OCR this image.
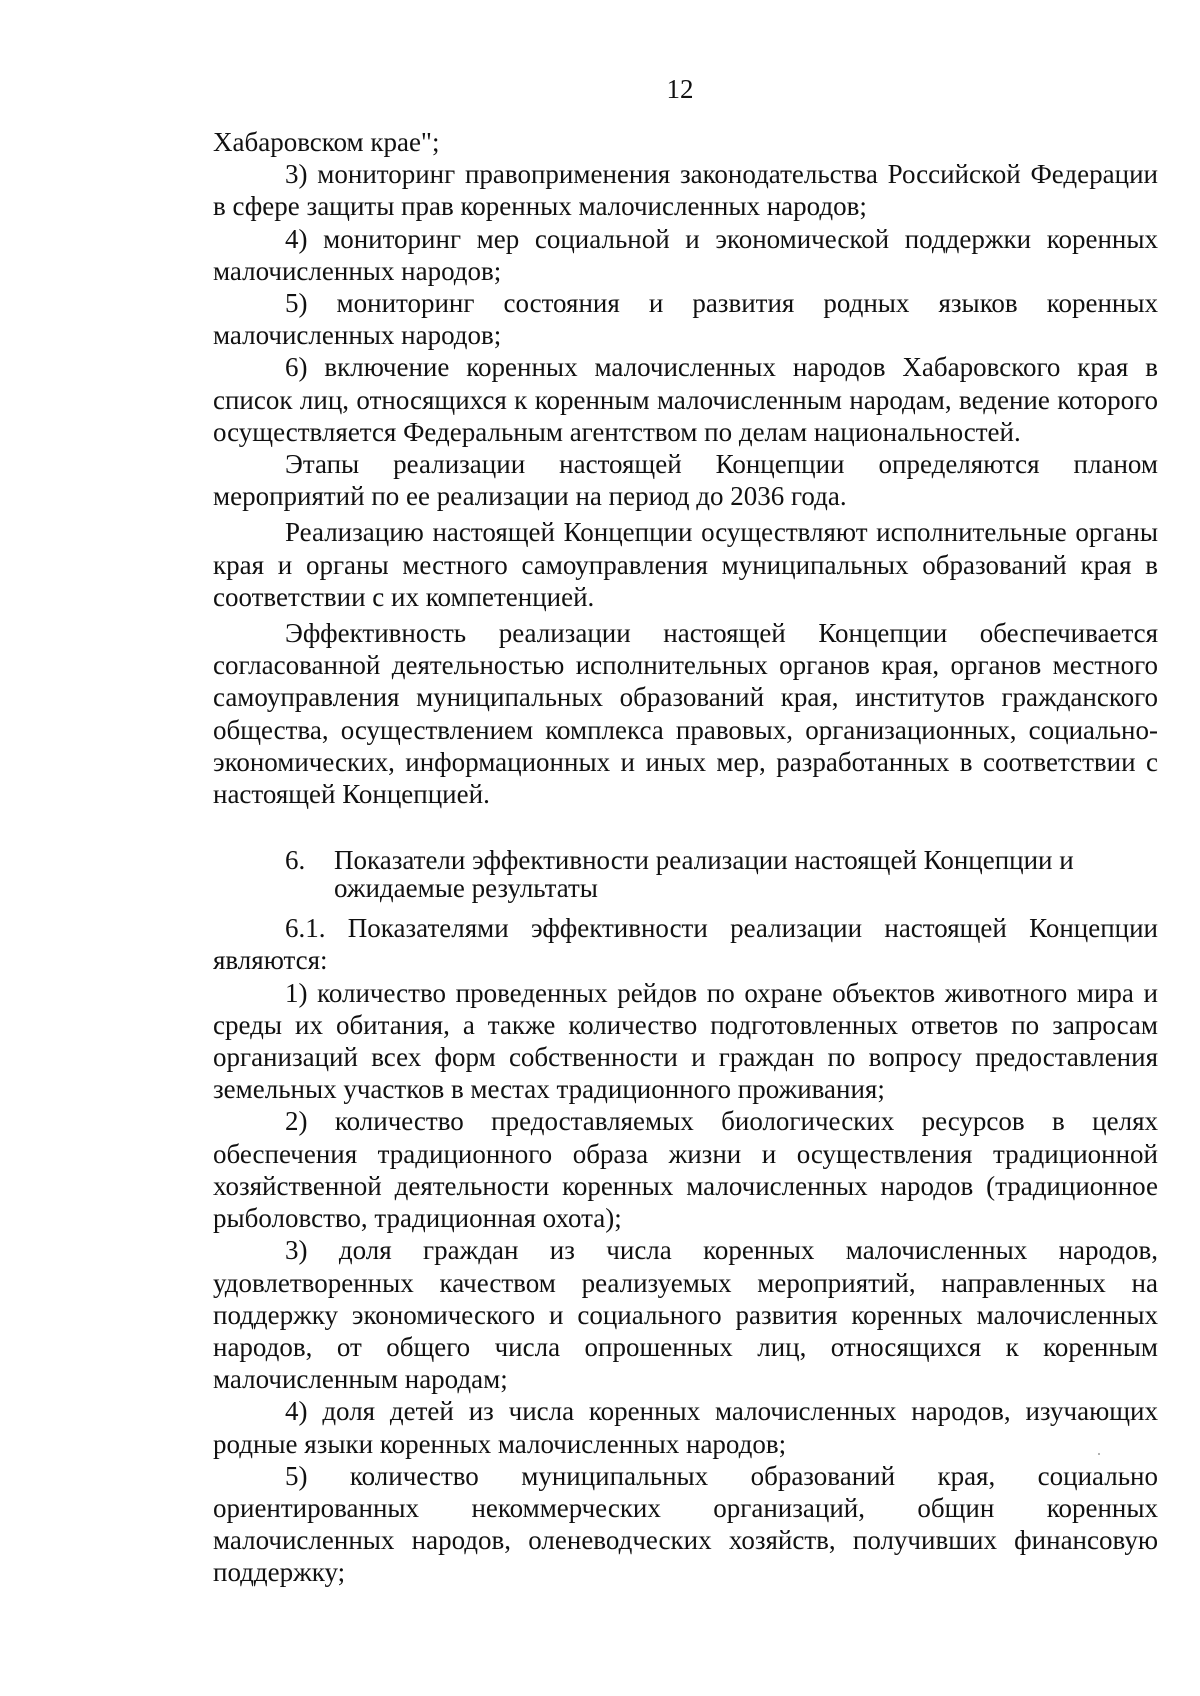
12

Хабаровском крае";

3) мониторинг правоприменения законодательства Российской Федерации в сфере защиты прав коренных малочисленных народов;

4) мониторинг мер социальной и экономической поддержки коренных малочисленных народов;

5) мониторинг состояния и развития родных языков коренных малочисленных народов;

6) включение коренных малочисленных народов Хабаровского края в список лиц, относящихся к коренным малочисленным народам, ведение которого осуществляется Федеральным агентством по делам национальностей.

Этапы реализации настоящей Концепции определяются планом мероприятий по ее реализации на период до 2036 года.

Реализацию настоящей Концепции осуществляют исполнительные органы края и органы местного самоуправления муниципальных образований края в соответствии с их компетенцией.

Эффективность реализации настоящей Концепции обеспечивается согласованной деятельностью исполнительных органов края, органов местного самоуправления муниципальных образований края, институтов гражданского общества, осуществлением комплекса правовых, организационных, социально-экономических, информационных и иных мер, разработанных в соответствии с настоящей Концепцией.

6. Показатели эффективности реализации настоящей Концепции и
ожидаемые результаты

6.1. Показателями эффективности реализации настоящей Концепции являются:

1) количество проведенных рейдов по охране объектов животного мира и среды их обитания, а также количество подготовленных ответов по запросам организаций всех форм собственности и граждан по вопросу предоставления земельных участков в местах традиционного проживания;

2) количество предоставляемых биологических ресурсов в целях обеспечения традиционного образа жизни и осуществления традиционной хозяйственной деятельности коренных малочисленных народов (традиционное рыболовство, традиционная охота);

3) доля граждан из числа коренных малочисленных народов, удовлетворенных качеством реализуемых мероприятий, направленных на поддержку экономического и социального развития коренных малочисленных народов, от общего числа опрошенных лиц, относящихся к коренным малочисленным народам;

4) доля детей из числа коренных малочисленных народов, изучающих родные языки коренных малочисленных народов;

5) количество муниципальных образований края, социально ориентированных некоммерческих организаций, общин коренных малочисленных народов, оленеводческих хозяйств, получивших финансовую поддержку;
